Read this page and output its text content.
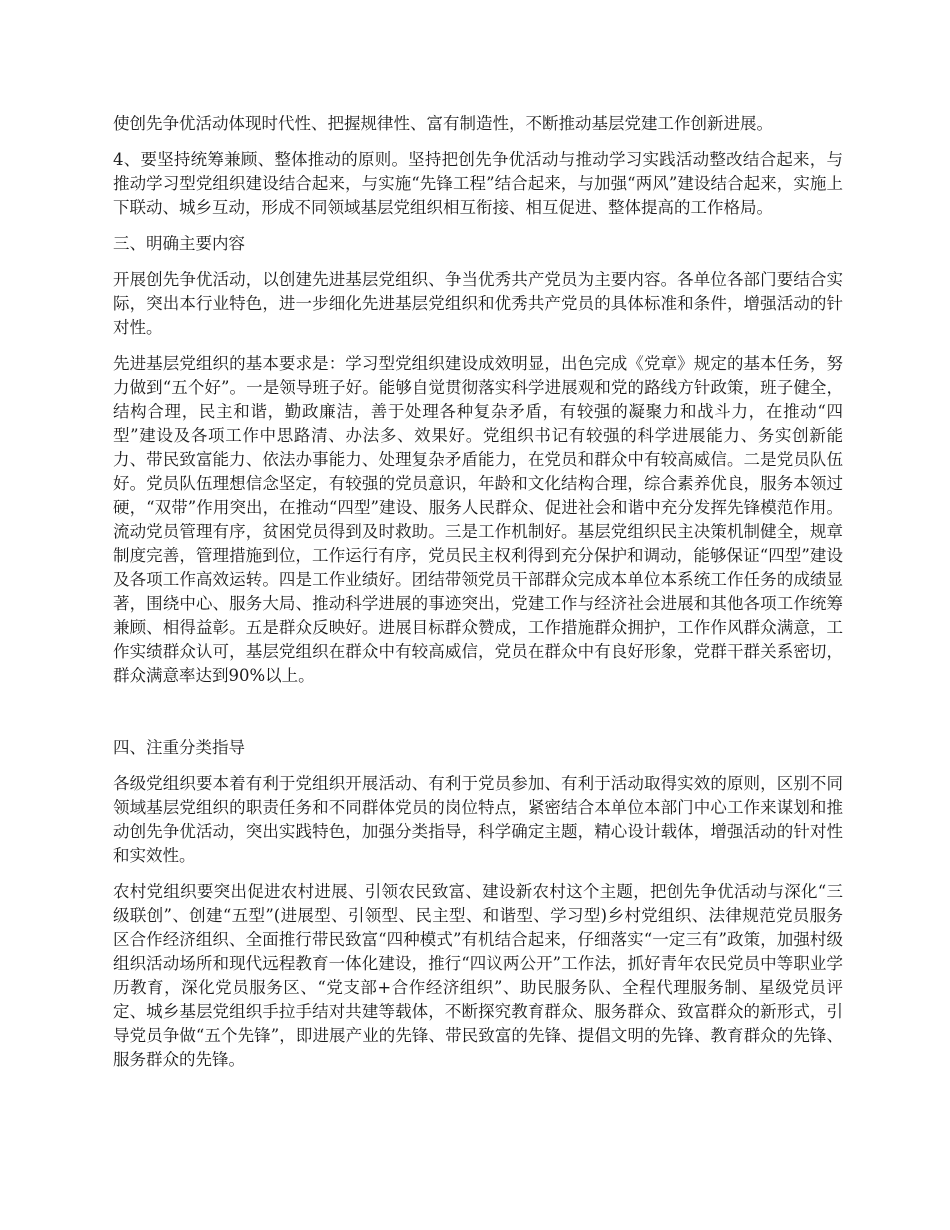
使创先争优活动体现时代性、把握规律性、富有制造性，不断推动基层党建工作创新进展。

4、要坚持统筹兼顾、整体推动的原则。坚持把创先争优活动与推动学习实践活动整改结合起来，与推动学习型党组织建设结合起来，与实施“先锋工程”结合起来，与加强“两风”建设结合起来，实施上下联动、城乡互动，形成不同领域基层党组织相互衔接、相互促进、整体提高的工作格局。

三、明确主要内容

开展创先争优活动，以创建先进基层党组织、争当优秀共产党员为主要内容。各单位各部门要结合实际，突出本行业特色，进一步细化先进基层党组织和优秀共产党员的具体标准和条件，增强活动的针对性。

先进基层党组织的基本要求是：学习型党组织建设成效明显，出色完成《党章》规定的基本任务，努力做到“五个好”。一是领导班子好。能够自觉贯彻落实科学进展观和党的路线方针政策，班子健全，结构合理，民主和谐，勤政廉洁，善于处理各种复杂矛盾，有较强的凝聚力和战斗力，在推动“四型”建设及各项工作中思路清、办法多、效果好。党组织书记有较强的科学进展能力、务实创新能力、带民致富能力、依法办事能力、处理复杂矛盾能力，在党员和群众中有较高威信。二是党员队伍好。党员队伍理想信念坚定，有较强的党员意识，年龄和文化结构合理，综合素养优良，服务本领过硬，“双带”作用突出，在推动“四型”建设、服务人民群众、促进社会和谐中充分发挥先锋模范作用。流动党员管理有序，贫困党员得到及时救助。三是工作机制好。基层党组织民主决策机制健全，规章制度完善，管理措施到位，工作运行有序，党员民主权利得到充分保护和调动，能够保证“四型”建设及各项工作高效运转。四是工作业绩好。团结带领党员干部群众完成本单位本系统工作任务的成绩显著，围绕中心、服务大局、推动科学进展的事迹突出，党建工作与经济社会进展和其他各项工作统筹兼顾、相得益彰。五是群众反映好。进展目标群众赞成，工作措施群众拥护，工作作风群众满意，工作实绩群众认可，基层党组织在群众中有较高威信，党员在群众中有良好形象，党群干群关系密切，群众满意率达到90%以上。

四、注重分类指导

各级党组织要本着有利于党组织开展活动、有利于党员参加、有利于活动取得实效的原则，区别不同领域基层党组织的职责任务和不同群体党员的岗位特点，紧密结合本单位本部门中心工作来谋划和推动创先争优活动，突出实践特色，加强分类指导，科学确定主题，精心设计载体，增强活动的针对性和实效性。

农村党组织要突出促进农村进展、引领农民致富、建设新农村这个主题，把创先争优活动与深化“三级联创”、创建“五型”(进展型、引领型、民主型、和谐型、学习型)乡村党组织、法律规范党员服务区合作经济组织、全面推行带民致富“四种模式”有机结合起来，仔细落实“一定三有”政策，加强村级组织活动场所和现代远程教育一体化建设，推行“四议两公开”工作法，抓好青年农民党员中等职业学历教育，深化党员服务区、“党支部+合作经济组织”、助民服务队、全程代理服务制、星级党员评定、城乡基层党组织手拉手结对共建等载体，不断探究教育群众、服务群众、致富群众的新形式，引导党员争做“五个先锋”，即进展产业的先锋、带民致富的先锋、提倡文明的先锋、教育群众的先锋、服务群众的先锋。
